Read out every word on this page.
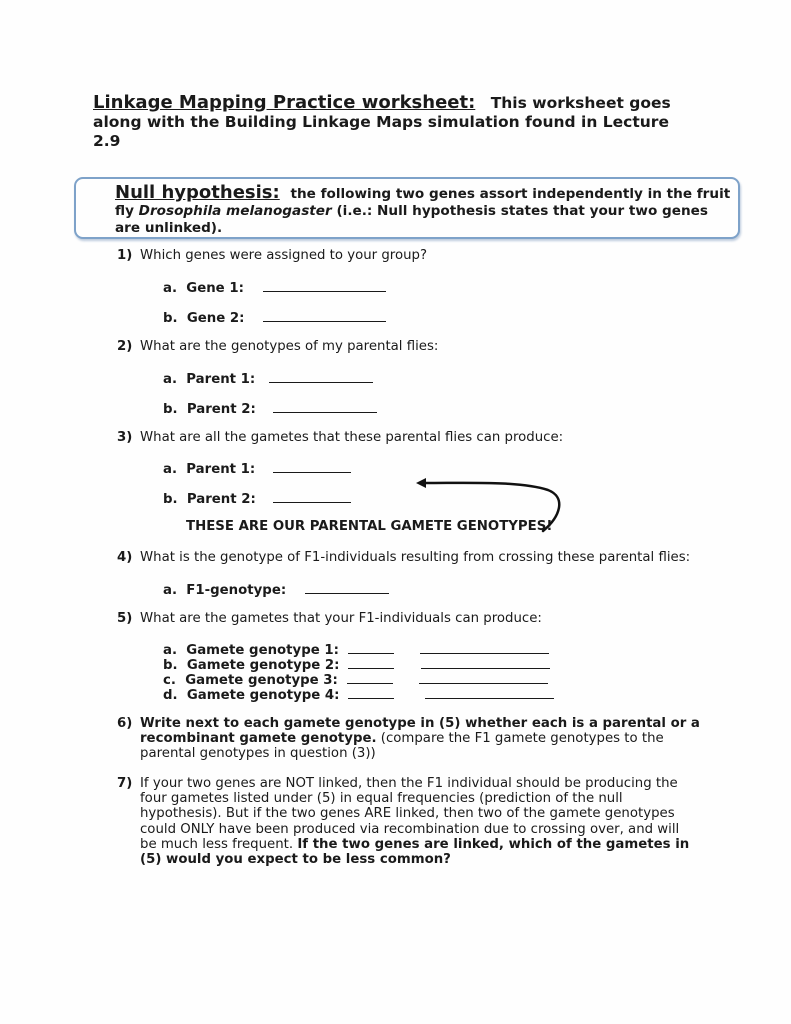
Linkage Mapping Practice worksheet: This worksheet goes along with the Building Linkage Maps simulation found in Lecture 2.9
Null hypothesis: the following two genes assort independently in the fruit fly Drosophila melanogaster (i.e.: Null hypothesis states that your two genes are unlinked).
1) Which genes were assigned to your group?
a.  Gene 1:
b.  Gene 2:
2) What are the genotypes of my parental flies:
a.  Parent 1:
b.  Parent 2:
3) What are all the gametes that these parental flies can produce:
a.  Parent 1:
b.  Parent 2:
THESE ARE OUR PARENTAL GAMETE GENOTYPES!
4) What is the genotype of F1-individuals resulting from crossing these parental flies:
a.  F1-genotype:
5) What are the gametes that your F1-individuals can produce:
a.  Gamete genotype 1:
b.  Gamete genotype 2:
c.  Gamete genotype 3:
d.  Gamete genotype 4:
6) Write next to each gamete genotype in (5) whether each is a parental or a recombinant gamete genotype. (compare the F1 gamete genotypes to the parental genotypes in question (3))
7) If your two genes are NOT linked, then the F1 individual should be producing the four gametes listed under (5) in equal frequencies (prediction of the null hypothesis). But if the two genes ARE linked, then two of the gamete genotypes could ONLY have been produced via recombination due to crossing over, and will be much less frequent. If the two genes are linked, which of the gametes in (5) would you expect to be less common?
